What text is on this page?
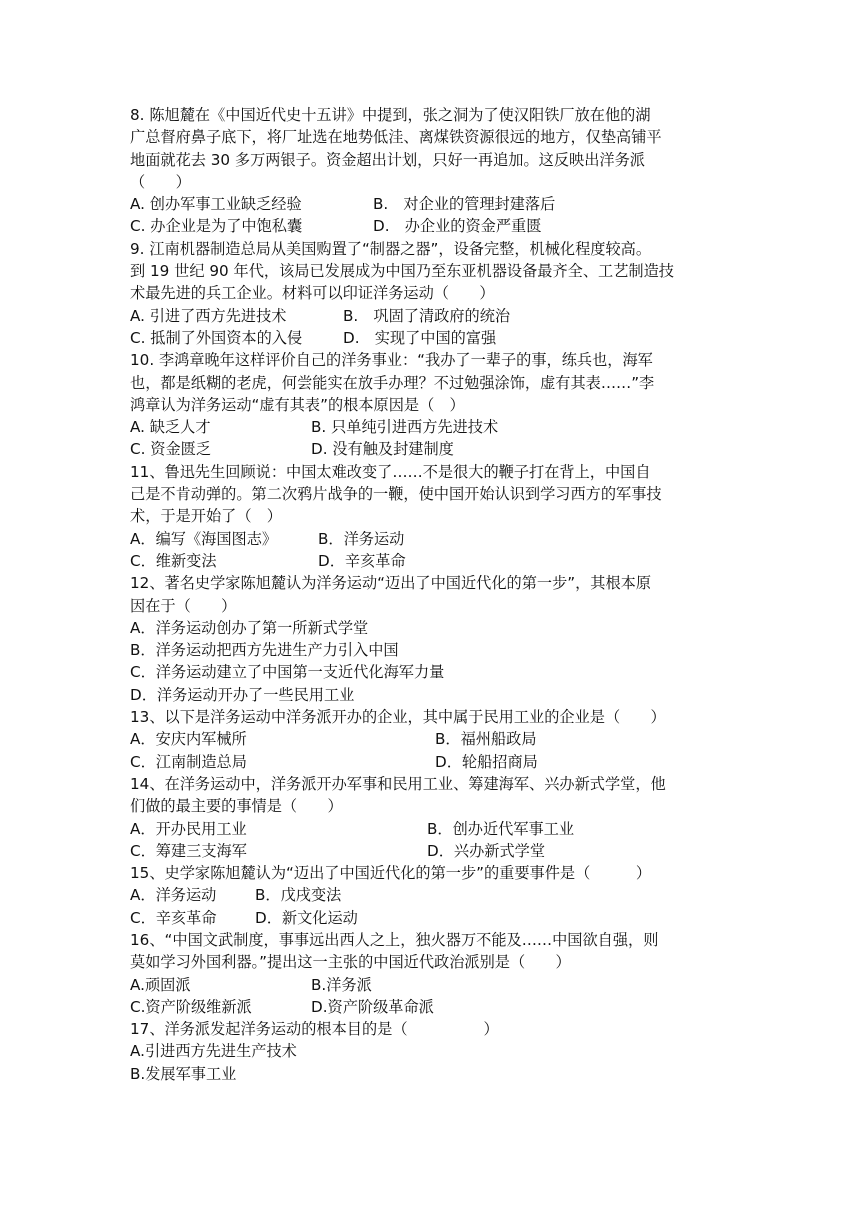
8. 陈旭麓在《中国近代史十五讲》中提到，张之洞为了使汉阳铁厂放在他的湖
广总督府鼻子底下，将厂址选在地势低洼、离煤铁资源很远的地方，仅垫高铺平
地面就花去 30 多万两银子。资金超出计划，只好一再追加。这反映出洋务派
（　　）
A. 创办军事工业缺乏经验	B.　对企业的管理封建落后
C. 办企业是为了中饱私囊	D.　办企业的资金严重匮
9. 江南机器制造总局从美国购置了“制器之器”，设备完整，机械化程度较高。
到 19 世纪 90 年代，该局已发展成为中国乃至东亚机器设备最齐全、工艺制造技
术最先进的兵工企业。材料可以印证洋务运动（　　）
A. 引进了西方先进技术	B.　巩固了清政府的统治
C. 抵制了外国资本的入侵	D.　实现了中国的富强
10. 李鸿章晚年这样评价自己的洋务事业：“我办了一辈子的事，练兵也，海军
也，都是纸糊的老虎，何尝能实在放手办理？不过勉强涂饰，虚有其表……”李
鸿章认为洋务运动“虚有其表”的根本原因是（　）
A. 缺乏人才	B. 只单纯引进西方先进技术
C. 资金匮乏	D. 没有触及封建制度
11、鲁迅先生回顾说：中国太难改变了……不是很大的鞭子打在背上，中国自
己是不肯动弹的。第二次鸦片战争的一鞭，使中国开始认识到学习西方的军事技
术，于是开始了（　）
A．编写《海国图志》	B．洋务运动
C．维新变法	D．辛亥革命
12、著名史学家陈旭麓认为洋务运动“迈出了中国近代化的第一步”，其根本原
因在于（　　）
A．洋务运动创办了第一所新式学堂
B．洋务运动把西方先进生产力引入中国
C．洋务运动建立了中国第一支近代化海军力量
D．洋务运动开办了一些民用工业
13、以下是洋务运动中洋务派开办的企业，其中属于民用工业的企业是（　　）
A．安庆内军械所	B．福州船政局
C．江南制造总局	D．轮船招商局
14、在洋务运动中，洋务派开办军事和民用工业、筹建海军、兴办新式学堂，他
们做的最主要的事情是（　　）
A．开办民用工业	B．创办近代军事工业
C．筹建三支海军	D．兴办新式学堂
15、史学家陈旭麓认为“迈出了中国近代化的第一步”的重要事件是（　　　）
A．洋务运动	B．戊戌变法
C．辛亥革命	D．新文化运动
16、“中国文武制度，事事远出西人之上，独火器万不能及……中国欲自强，则
莫如学习外国利器。”提出这一主张的中国近代政治派别是（　　）
A.顽固派	B.洋务派
C.资产阶级维新派	D.资产阶级革命派
17、洋务派发起洋务运动的根本目的是（　　　　　）
A.引进西方先进生产技术
B.发展军事工业
